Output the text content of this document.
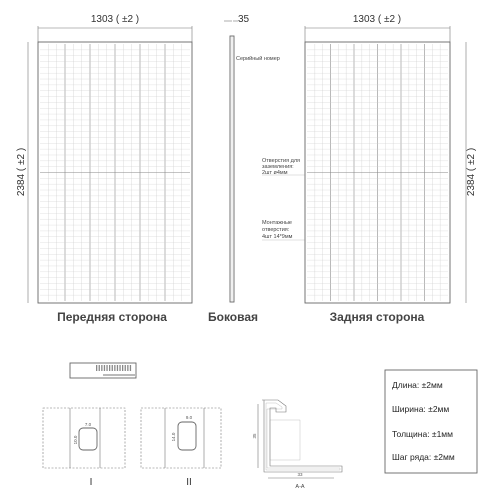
1303 ( ±2 )
2384 ( ±2 )
35
Серийный номер
1303 ( ±2 )
2384 ( ±2 )
Отверстия для
заземления:
2шт ø4мм
Монтажные
отверстия:
4шт 14*9мм
Передняя сторона	Боковая	Задняя сторона
7.0
10.0
I
9.0
14.0
II
35
33
A-A
Длина: ±2мм
Ширина: ±2мм
Толщина: ±1мм
Шаг ряда: ±2мм
